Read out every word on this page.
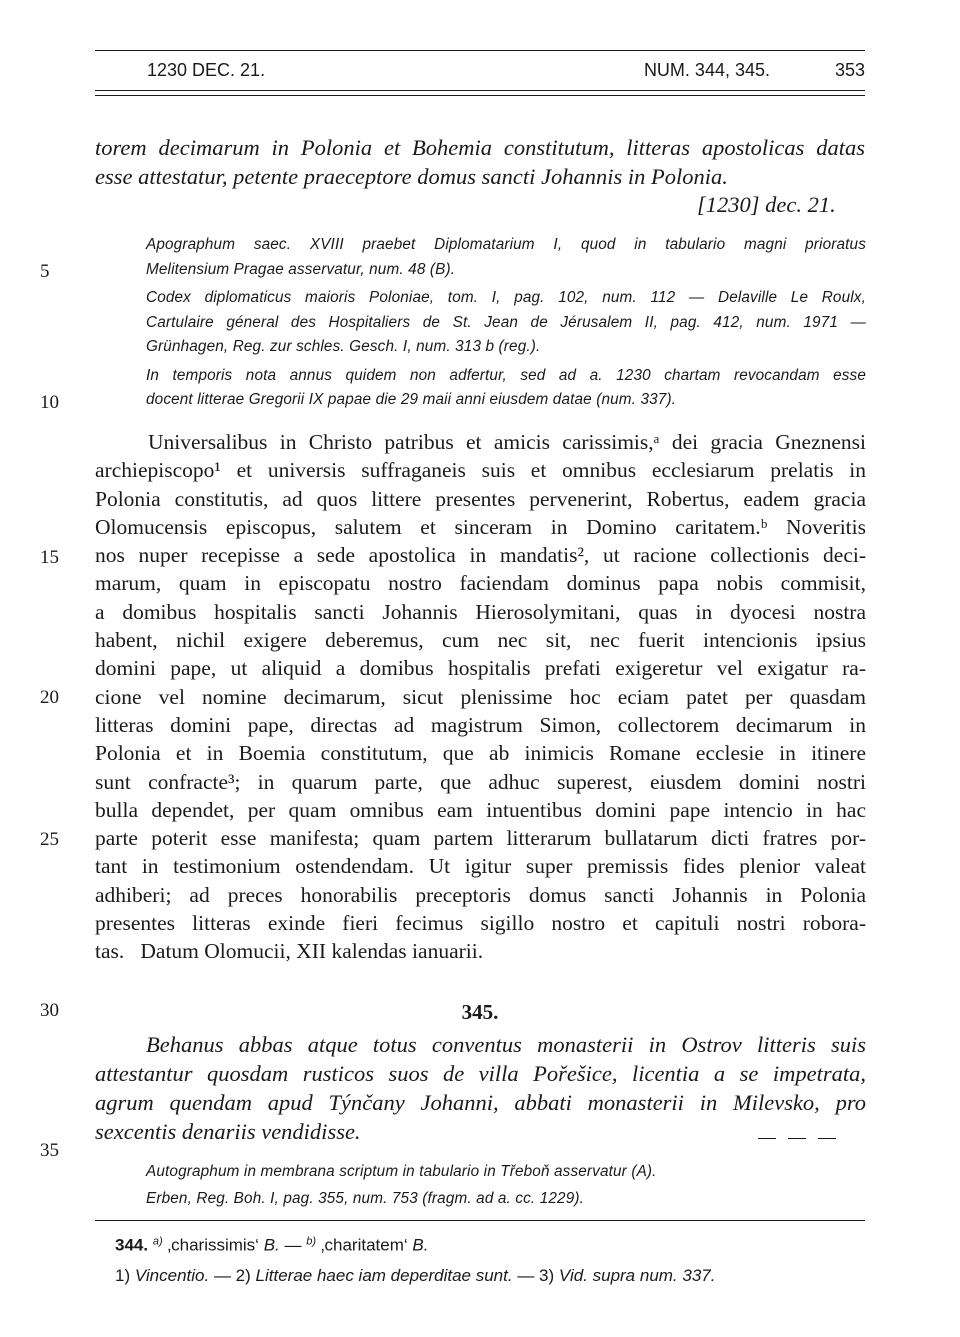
1230 DEC. 21.	NUM. 344, 345.	353
torem decimarum in Polonia et Bohemia constitutum, litteras apostolicas datas
esse attestatur, petente praeceptore domus sancti Johannis in Polonia.
[1230] dec. 21.
Apographum saec. XVIII praebet Diplomatarium I, quod in tabulario magni prioratus
Melitensium Pragae asservatur, num. 48 (B).
Codex diplomaticus maioris Poloniae, tom. I, pag. 102, num. 112 — Delaville Le Roulx,
Cartulaire géneral des Hospitaliers de St. Jean de Jérusalem II, pag. 412, num. 1971 —
Grünhagen, Reg. zur schles. Gesch. I, num. 313 b (reg.).
In temporis nota annus quidem non adfertur, sed ad a. 1230 chartam revocandam esse
docent litterae Gregorii IX papae die 29 maii anni eiusdem datae (num. 337).
Universalibus in Christo patribus et amicis carissimis,ᵃ dei gracia Gneznensi
archiepiscopo¹ et universis suffraganeis suis et omnibus ecclesiarum prelatis in
Polonia constitutis, ad quos littere presentes pervenerint, Robertus, eadem gracia
Olomucensis episcopus, salutem et sinceram in Domino caritatem.ᵇ Noveritis
nos nuper recepisse a sede apostolica in mandatis², ut racione collectionis deci-
marum, quam in episcopatu nostro faciendam dominus papa nobis commisit,
a domibus hospitalis sancti Johannis Hierosolymitani, quas in dyocesi nostra
habent, nichil exigere deberemus, cum nec sit, nec fuerit intencionis ipsius
domini pape, ut aliquid a domibus hospitalis prefati exigeretur vel exigatur ra-
cione vel nomine decimarum, sicut plenissime hoc eciam patet per quasdam
litteras domini pape, directas ad magistrum Simon, collectorem decimarum in
Polonia et in Boemia constitutum, que ab inimicis Romane ecclesie in itinere
sunt confracte³; in quarum parte, que adhuc superest, eiusdem domini nostri
bulla dependet, per quam omnibus eam intuentibus domini pape intencio in hac
parte poterit esse manifesta; quam partem litterarum bullatarum dicti fratres por-
tant in testimonium ostendendam. Ut igitur super premissis fides plenior valeat
adhiberi; ad preces honorabilis preceptoris domus sancti Johannis in Polonia
presentes litteras exinde fieri fecimus sigillo nostro et capituli nostri robora-
tas.   Datum Olomucii, XII kalendas ianuarii.
5
10
15
20
25
30
35
345.
Behanus abbas atque totus conventus monasterii in Ostrov litteris suis
attestantur quosdam rusticos suos de villa Pořešice, licentia a se impetrata,
agrum quendam apud Týnčany Johanni, abbati monasterii in Milevsko, pro
sexcentis denariis vendidisse.
Autographum in membrana scriptum in tabulario in Třeboň asservatur (A).
Erben, Reg. Boh. I, pag. 355, num. 753 (fragm. ad a. cc. 1229).
344. $^{a)}$ ‚charissimis‘ B. — $^{b)}$ ‚charitatem‘ B.
1) Vincentio. — 2) Litterae haec iam deperditae sunt. — 3) Vid. supra num. 337.
